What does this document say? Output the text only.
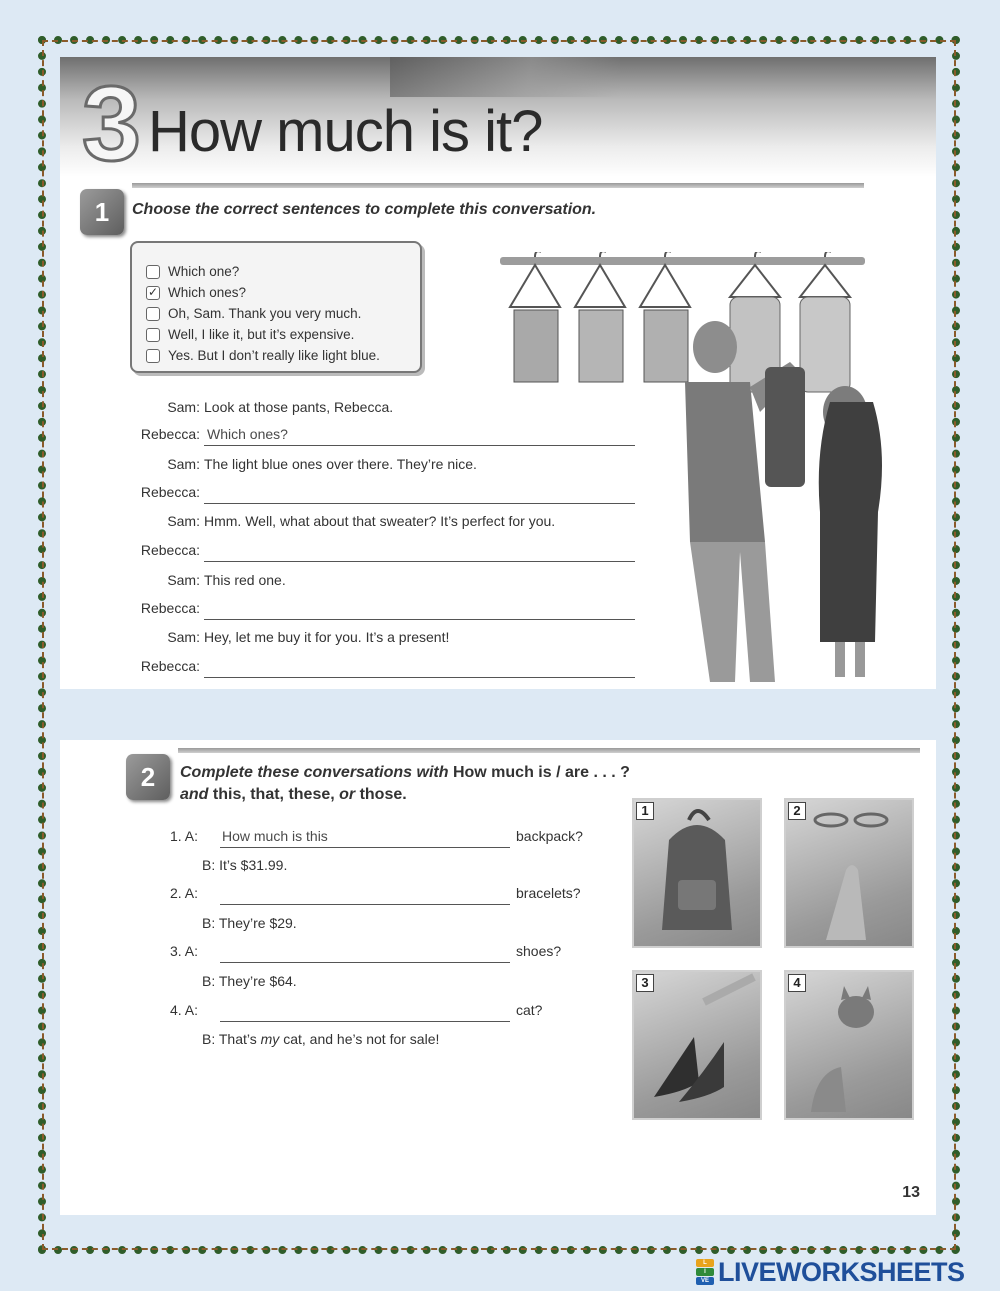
3 How much is it?
1	Choose the correct sentences to complete this conversation.
Which one?
✓ Which ones?
Oh, Sam. Thank you very much.
Well, I like it, but it’s expensive.
Yes. But I don’t really like light blue.
Sam: Look at those pants, Rebecca.
Rebecca: Which ones?
Sam: The light blue ones over there. They’re nice.
Rebecca:
Sam: Hmm. Well, what about that sweater? It’s perfect for you.
Rebecca:
Sam: This red one.
Rebecca:
Sam: Hey, let me buy it for you. It’s a present!
Rebecca:
2	Complete these conversations with How much is / are . . . ?
and this, that, these, or those.
1. A: How much is this	backpack?
B: It’s $31.99.
2. A:	bracelets?
B: They’re $29.
3. A:	shoes?
B: They’re $64.
4. A:	cat?
B: That’s my cat, and he’s not for sale!
1	2
3	4
13
L
I
VE LIVEWORKSHEETS
